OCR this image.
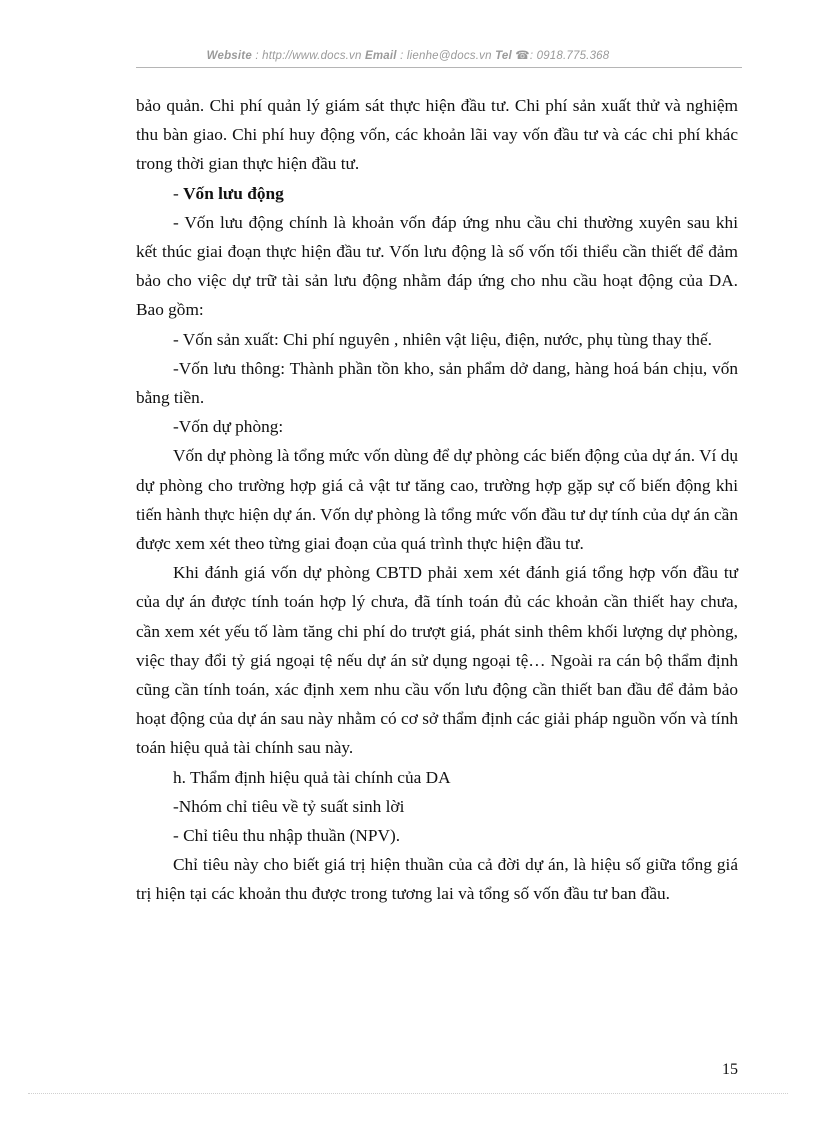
Website : http://www.docs.vn Email : lienhe@docs.vn Tel ☎: 0918.775.368

bảo quản. Chi phí quản lý giám sát thực hiện đầu tư. Chi phí sản xuất thử và nghiệm thu bàn giao. Chi phí huy động vốn, các khoản lãi vay vốn đầu tư và các chi phí khác trong thời gian thực hiện đầu tư.

- Vốn lưu động

- Vốn lưu động chính là khoản vốn đáp ứng nhu cầu chi thường xuyên sau khi kết thúc giai đoạn thực hiện đầu tư. Vốn lưu động là số vốn tối thiểu cần thiết để đảm bảo cho việc dự trữ tài sản lưu động nhằm đáp ứng cho nhu cầu hoạt động của DA. Bao gồm:

- Vốn sản xuất: Chi phí nguyên , nhiên vật liệu, điện, nước, phụ tùng thay thế.

-Vốn lưu thông: Thành phần tồn kho, sản phẩm dở dang, hàng hoá bán chịu, vốn bằng tiền.

-Vốn dự phòng:

Vốn dự phòng là tổng mức vốn dùng để dự phòng các biến động của dự án. Ví dụ dự phòng cho trường hợp giá cả vật tư tăng cao, trường hợp gặp sự cố biến động khi tiến hành thực hiện dự án. Vốn dự phòng là tổng mức vốn đầu tư dự tính của dự án cần được xem xét theo từng giai đoạn của quá trình thực hiện đầu tư.

Khi đánh giá vốn dự phòng CBTD phải xem xét đánh giá tổng hợp vốn đầu tư của dự án được tính toán hợp lý chưa, đã tính toán đủ các khoản cần thiết hay chưa, cần xem xét yếu tố làm tăng chi phí do trượt giá, phát sinh thêm khối lượng dự phòng, việc thay đổi tỷ giá ngoại tệ nếu dự án sử dụng ngoại tệ… Ngoài ra cán bộ thẩm định cũng cần tính toán, xác định xem nhu cầu vốn lưu động cần thiết ban đầu để đảm bảo hoạt động của dự án sau này nhằm có cơ sở thẩm định các giải pháp nguồn vốn và tính toán hiệu quả tài chính sau này.

h. Thẩm định hiệu quả tài chính của DA

-Nhóm chỉ tiêu về tỷ suất sinh lời

- Chỉ tiêu thu nhập thuần (NPV).

Chỉ tiêu này cho biết giá trị hiện thuần của cả đời dự án, là hiệu số giữa tổng giá trị hiện tại các khoản thu được trong tương lai và tổng số vốn đầu tư ban đầu.

15
